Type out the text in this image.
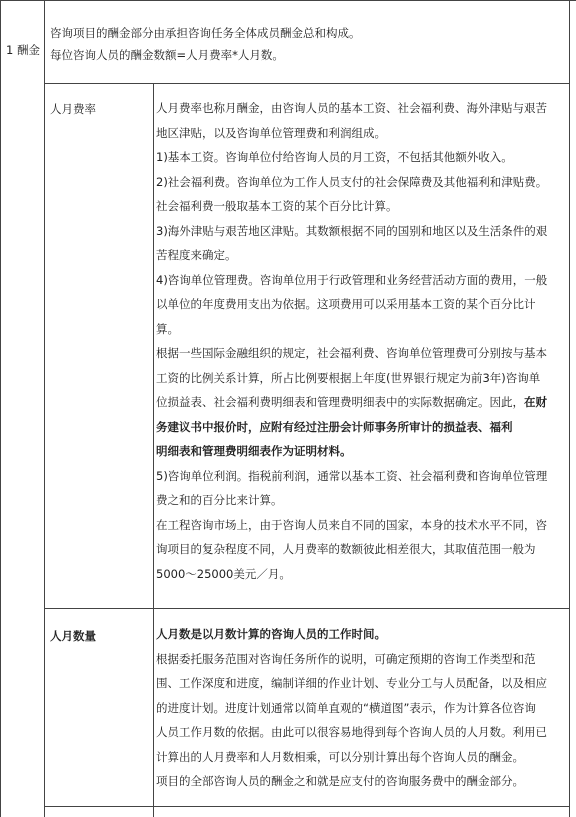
1 酬金

咨询项目的酬金部分由承担咨询任务全体成员酬金总和构成。

每位咨询人员的酬金数额=人月费率*人月数。

人月费率	人月费率也称月酬金，由咨询人员的基本工资、社会福利费、海外津贴与艰苦

地区津贴，以及咨询单位管理费和利润组成。

1)基本工资。咨询单位付给咨询人员的月工资，不包括其他额外收入。

2)社会福利费。咨询单位为工作人员支付的社会保障费及其他福利和津贴费。

社会福利费一般取基本工资的某个百分比计算。

3)海外津贴与艰苦地区津贴。其数额根据不同的国别和地区以及生活条件的艰

苦程度来确定。

4)咨询单位管理费。咨询单位用于行政管理和业务经营活动方面的费用，一般

以单位的年度费用支出为依据。这项费用可以采用基本工资的某个百分比计

算。

根据一些国际金融组织的规定，社会福利费、咨询单位管理费可分别按与基本

工资的比例关系计算，所占比例要根据上年度(世界银行规定为前3年)咨询单

位损益表、社会福利费明细表和管理费明细表中的实际数据确定。因此，在财

务建议书中报价时，应附有经过注册会计师事务所审计的损益表、福利

明细表和管理费明细表作为证明材料。

5)咨询单位利润。指税前利润，通常以基本工资、社会福利费和咨询单位管理

费之和的百分比来计算。

在工程咨询市场上，由于咨询人员来自不同的国家，本身的技术水平不同，咨

询项目的复杂程度不同，人月费率的数额彼此相差很大，其取值范围一般为

5000～25000美元／月。

人月数量	人月数是以月数计算的咨询人员的工作时间。

根据委托服务范围对咨询任务所作的说明，可确定预期的咨询工作类型和范

围、工作深度和进度，编制详细的作业计划、专业分工与人员配备，以及相应

的进度计划。进度计划通常以简单直观的“横道图”表示，作为计算各位咨询

人员工作月数的依据。由此可以很容易地得到每个咨询人员的人月数。利用已

计算出的人月费率和人月数相乘，可以分别计算出每个咨询人员的酬金。

项目的全部咨询人员的酬金之和就是应支付的咨询服务费中的酬金部分。
